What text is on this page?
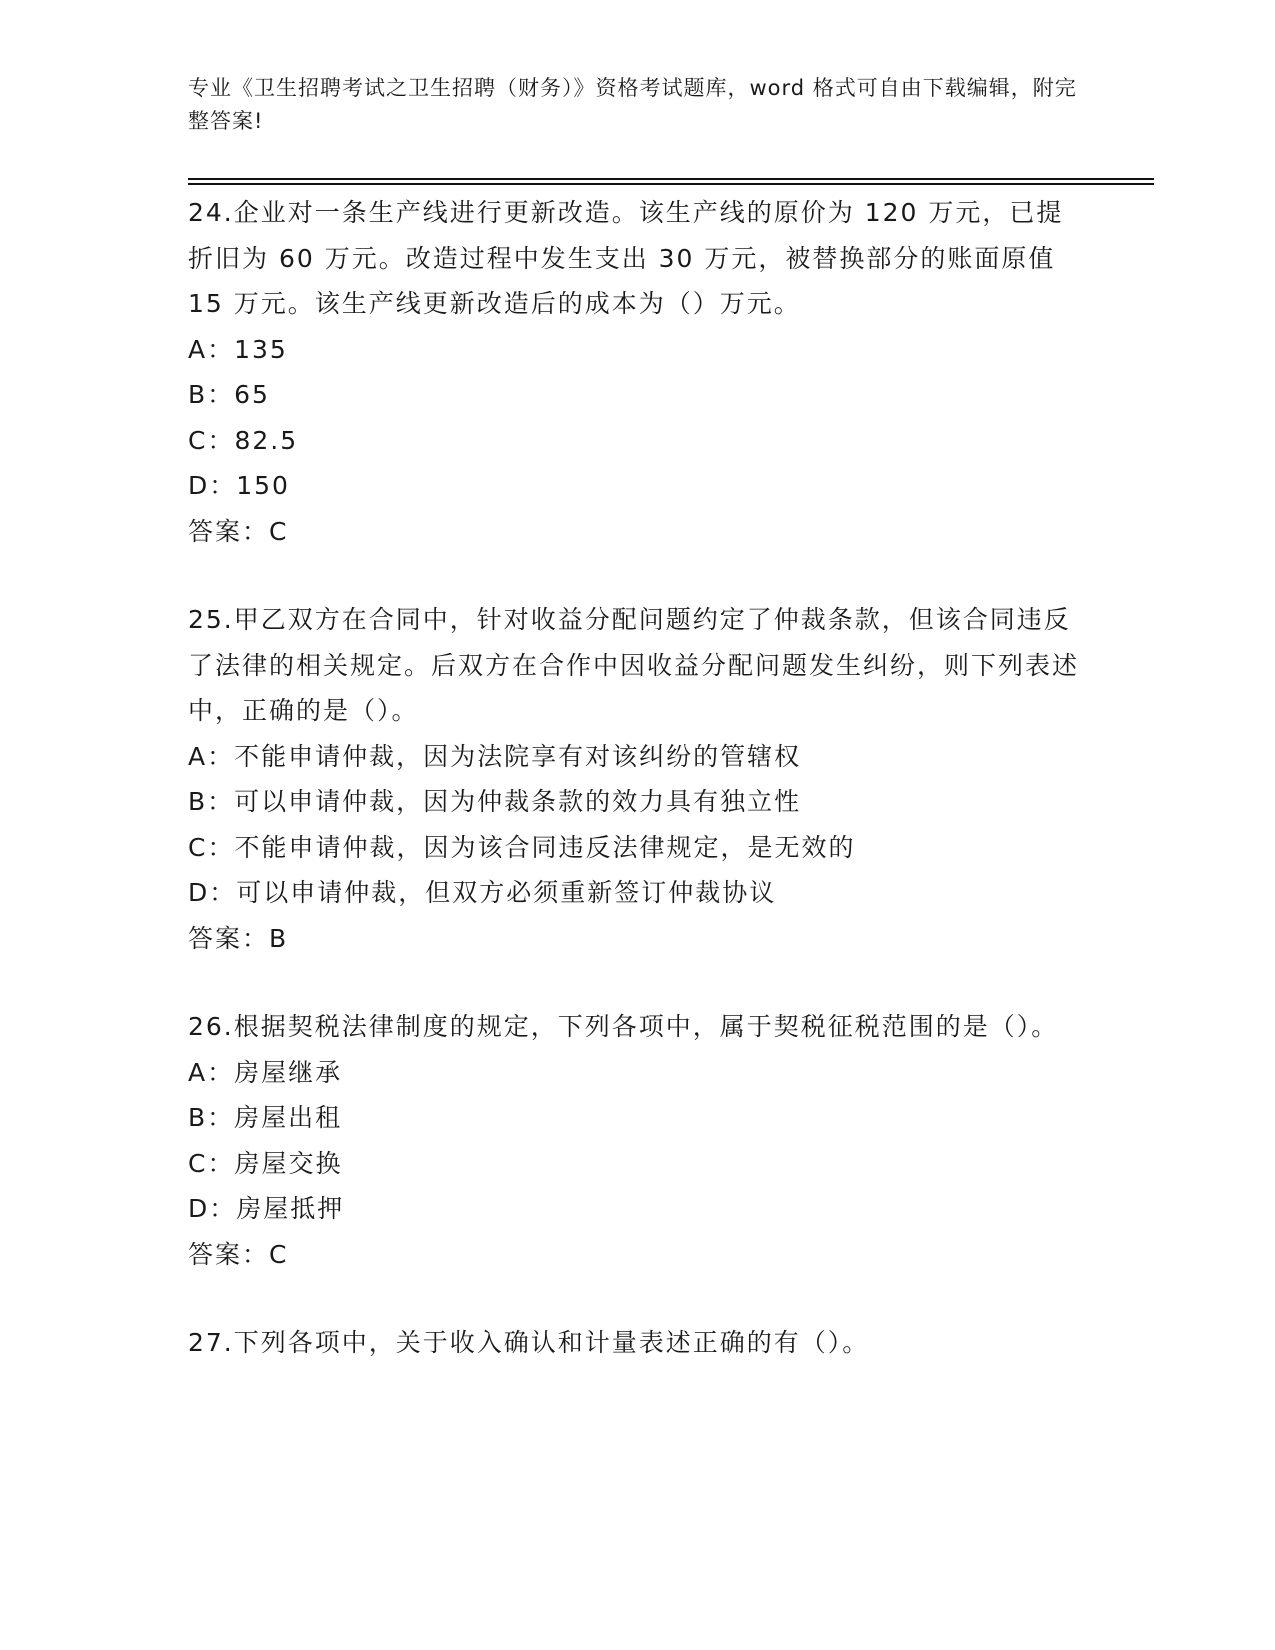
专业《卫生招聘考试之卫生招聘（财务）》资格考试题库，word 格式可自由下载编辑，附完整答案!

24.企业对一条生产线进行更新改造。该生产线的原价为 120 万元，已提折旧为 60 万元。改造过程中发生支出 30 万元，被替换部分的账面原值 15 万元。该生产线更新改造后的成本为（）万元。

A：135

B：65

C：82.5

D：150

答案：C

25.甲乙双方在合同中，针对收益分配问题约定了仲裁条款，但该合同违反了法律的相关规定。后双方在合作中因收益分配问题发生纠纷，则下列表述中，正确的是（）。

A：不能申请仲裁，因为法院享有对该纠纷的管辖权

B：可以申请仲裁，因为仲裁条款的效力具有独立性

C：不能申请仲裁，因为该合同违反法律规定，是无效的

D：可以申请仲裁，但双方必须重新签订仲裁协议

答案：B

26.根据契税法律制度的规定，下列各项中，属于契税征税范围的是（）。

A：房屋继承

B：房屋出租

C：房屋交换

D：房屋抵押

答案：C

27.下列各项中，关于收入确认和计量表述正确的有（）。
